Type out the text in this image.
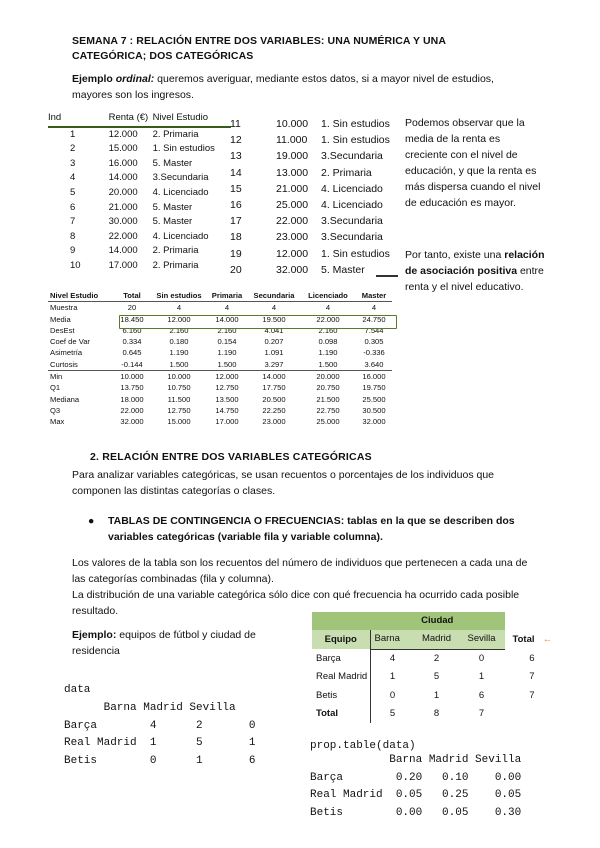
SEMANA 7 : RELACIÓN ENTRE DOS VARIABLES: UNA NUMÉRICA Y UNA CATEGÓRICA; DOS CATEGÓRICAS
Ejemplo ordinal: queremos averiguar, mediante estos datos, si a mayor nivel de estudios, mayores son los ingresos.
Ind		Renta (€)	Nivel Estudio
1		12.000	2. Primaria
2		15.000	1. Sin estudios
3		16.000	5. Master
4		14.000	3.Secundaria
5		20.000	4. Licenciado
6		21.000	5. Master
7		30.000	5. Master
8		22.000	4. Licenciado
9		14.000	2. Primaria
10		17.000	2. Primaria
11	10.000	1. Sin estudios
12	11.000	1. Sin estudios
13	19.000	3.Secundaria
14	13.000	2. Primaria
15	21.000	4. Licenciado
16	25.000	4. Licenciado
17	22.000	3.Secundaria
18	23.000	3.Secundaria
19	12.000	1. Sin estudios
20	32.000	5. Master
Podemos observar que la media de la renta es creciente con el nivel de educación, y que la renta es más dispersa cuando el nivel de educación es mayor.
Por tanto, existe una relación de asociación positiva entre renta y el nivel educativo.
Nivel Estudio	Total	Sin estudios	Primaria	Secundaria	Licenciado	Master
Muestra	20	4	4	4	4	4
Media	18.450	12.000	14.000	19.500	22.000	24.750
DesEst	6.160	2.160	2.160	4.041	2.160	7.544
Coef de Var	0.334	0.180	0.154	0.207	0.098	0.305
Asimetría	0.645	1.190	1.190	1.091	1.190	-0.336
Curtosis	-0.144	1.500	1.500	3.297	1.500	3.640
Min	10.000	10.000	12.000	14.000	20.000	16.000
Q1	13.750	10.750	12.750	17.750	20.750	19.750
Mediana	18.000	11.500	13.500	20.500	21.500	25.500
Q3	22.000	12.750	14.750	22.250	22.750	30.500
Max	32.000	15.000	17.000	23.000	25.000	32.000
2. RELACIÓN ENTRE DOS VARIABLES CATEGÓRICAS
Para analizar variables categóricas, se usan recuentos o porcentajes de los individuos que componen las distintas categorías o clases.
● TABLAS DE CONTINGENCIA O FRECUENCIAS: tablas en la que se describen dos variables categóricas (variable fila y variable columna).
Los valores de la tabla son los recuentos del número de individuos que pertenecen a cada una de las categorías combinadas (fila y columna).
La distribución de una variable categórica sólo dice con qué frecuencia ha ocurrido cada posible resultado.
Ejemplo: equipos de fútbol y ciudad de residencia
data
Barna Madrid Sevilla
Barça        4      2       0
Real Madrid  1      5       1
Betis        0      1       6
prop.table(data)
Barna Madrid Sevilla
Barça        0.20   0.10    0.00
Real Madrid  0.05   0.25    0.05
Betis        0.00   0.05    0.30
	Ciudad				
Equipo	Barna	Madrid	Sevilla	Total	←
Barça	4	2	0	6	
Real Madrid	1	5	1	7	
Betis	0	1	6	7	
Total	5	8	7		
